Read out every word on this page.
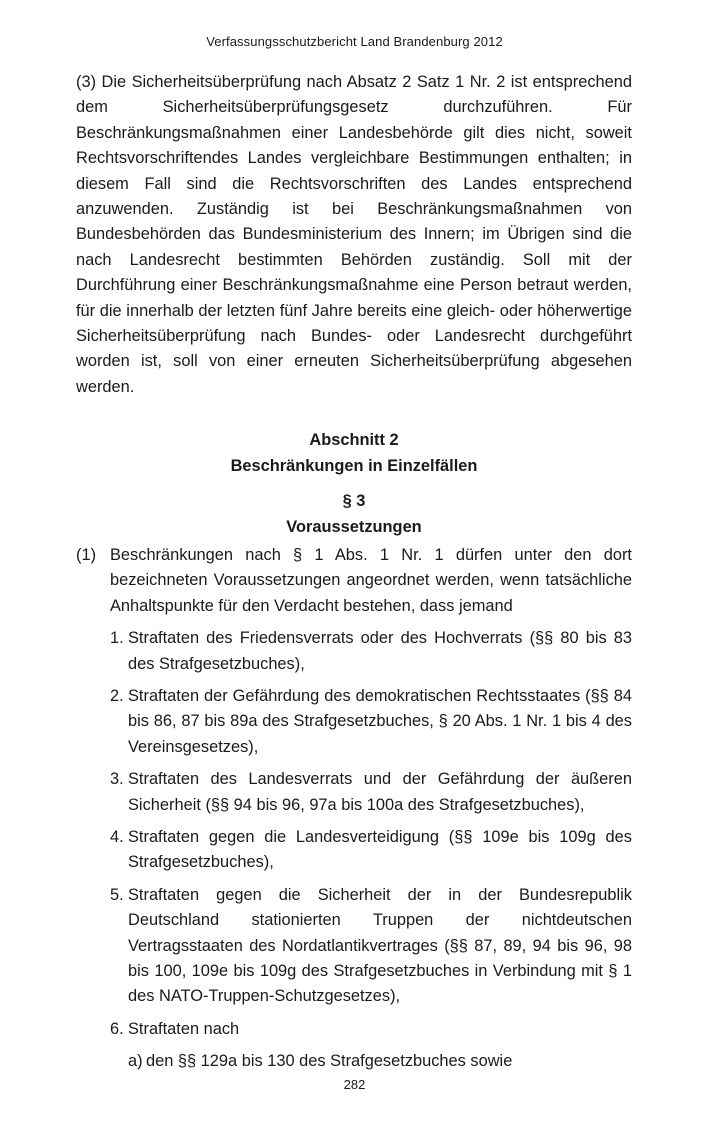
Verfassungsschutzbericht Land Brandenburg 2012

(3) Die Sicherheitsüberprüfung nach Absatz 2 Satz 1 Nr. 2 ist entsprechend dem Sicherheitsüberprüfungsgesetz durchzuführen. Für Beschränkungsmaßnahmen einer Landesbehörde gilt dies nicht, soweit Rechtsvorschriftendes Landes vergleichbare Bestimmungen enthalten; in diesem Fall sind die Rechtsvorschriften des Landes entsprechend anzuwenden. Zuständig ist bei Beschränkungsmaßnahmen von Bundesbehörden das Bundesministerium des Innern; im Übrigen sind die nach Landesrecht bestimmten Behörden zuständig. Soll mit der Durchführung einer Beschränkungsmaßnahme eine Person betraut werden, für die innerhalb der letzten fünf Jahre bereits eine gleich- oder höherwertige Sicherheitsüberprüfung nach Bundes- oder Landesrecht durchgeführt worden ist, soll von einer erneuten Sicherheitsüberprüfung abgesehen werden.

Abschnitt 2
Beschränkungen in Einzelfällen
§ 3
Voraussetzungen
(1) Beschränkungen nach § 1 Abs. 1 Nr. 1 dürfen unter den dort bezeichneten Voraussetzungen angeordnet werden, wenn tatsächliche Anhaltspunkte für den Verdacht bestehen, dass jemand
1. Straftaten des Friedensverrats oder des Hochverrats (§§ 80 bis 83 des Strafgesetzbuches),
2. Straftaten der Gefährdung des demokratischen Rechtsstaates (§§ 84 bis 86, 87 bis 89a des Strafgesetzbuches, § 20 Abs. 1 Nr. 1 bis 4 des Vereinsgesetzes),
3. Straftaten des Landesverrats und der Gefährdung der äußeren Sicherheit (§§ 94 bis 96, 97a bis 100a des Strafgesetzbuches),
4. Straftaten gegen die Landesverteidigung (§§ 109e bis 109g des Strafgesetzbuches),
5. Straftaten gegen die Sicherheit der in der Bundesrepublik Deutschland stationierten Truppen der nichtdeutschen Vertragsstaaten des Nordatlantikvertrages (§§ 87, 89, 94 bis 96, 98 bis 100, 109e bis 109g des Strafgesetzbuches in Verbindung mit § 1 des NATO-Truppen-Schutzgesetzes),
6. Straftaten nach
a) den §§ 129a bis 130 des Strafgesetzbuches sowie
282
